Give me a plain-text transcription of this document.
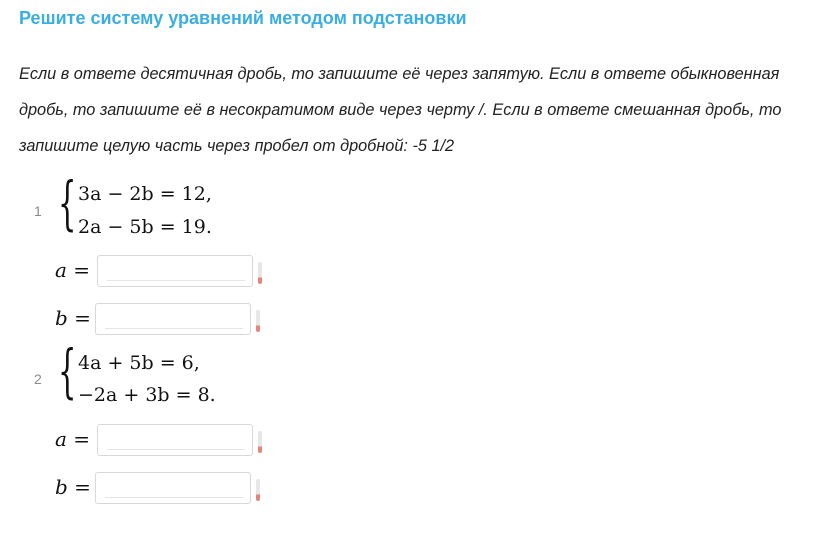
Решите систему уравнений методом подстановки
Если в ответе десятичная дробь, то запишите её через запятую. Если в ответе обыкновенная дробь, то запишите её в несократимом виде через черту /. Если в ответе смешанная дробь, то запишите целую часть через пробел от дробной: -5 1/2
1 { 3a − 2b = 12,
2a − 5b = 19.
a =
b =
2 { 4a + 5b = 6,
−2a + 3b = 8.
a =
b =
